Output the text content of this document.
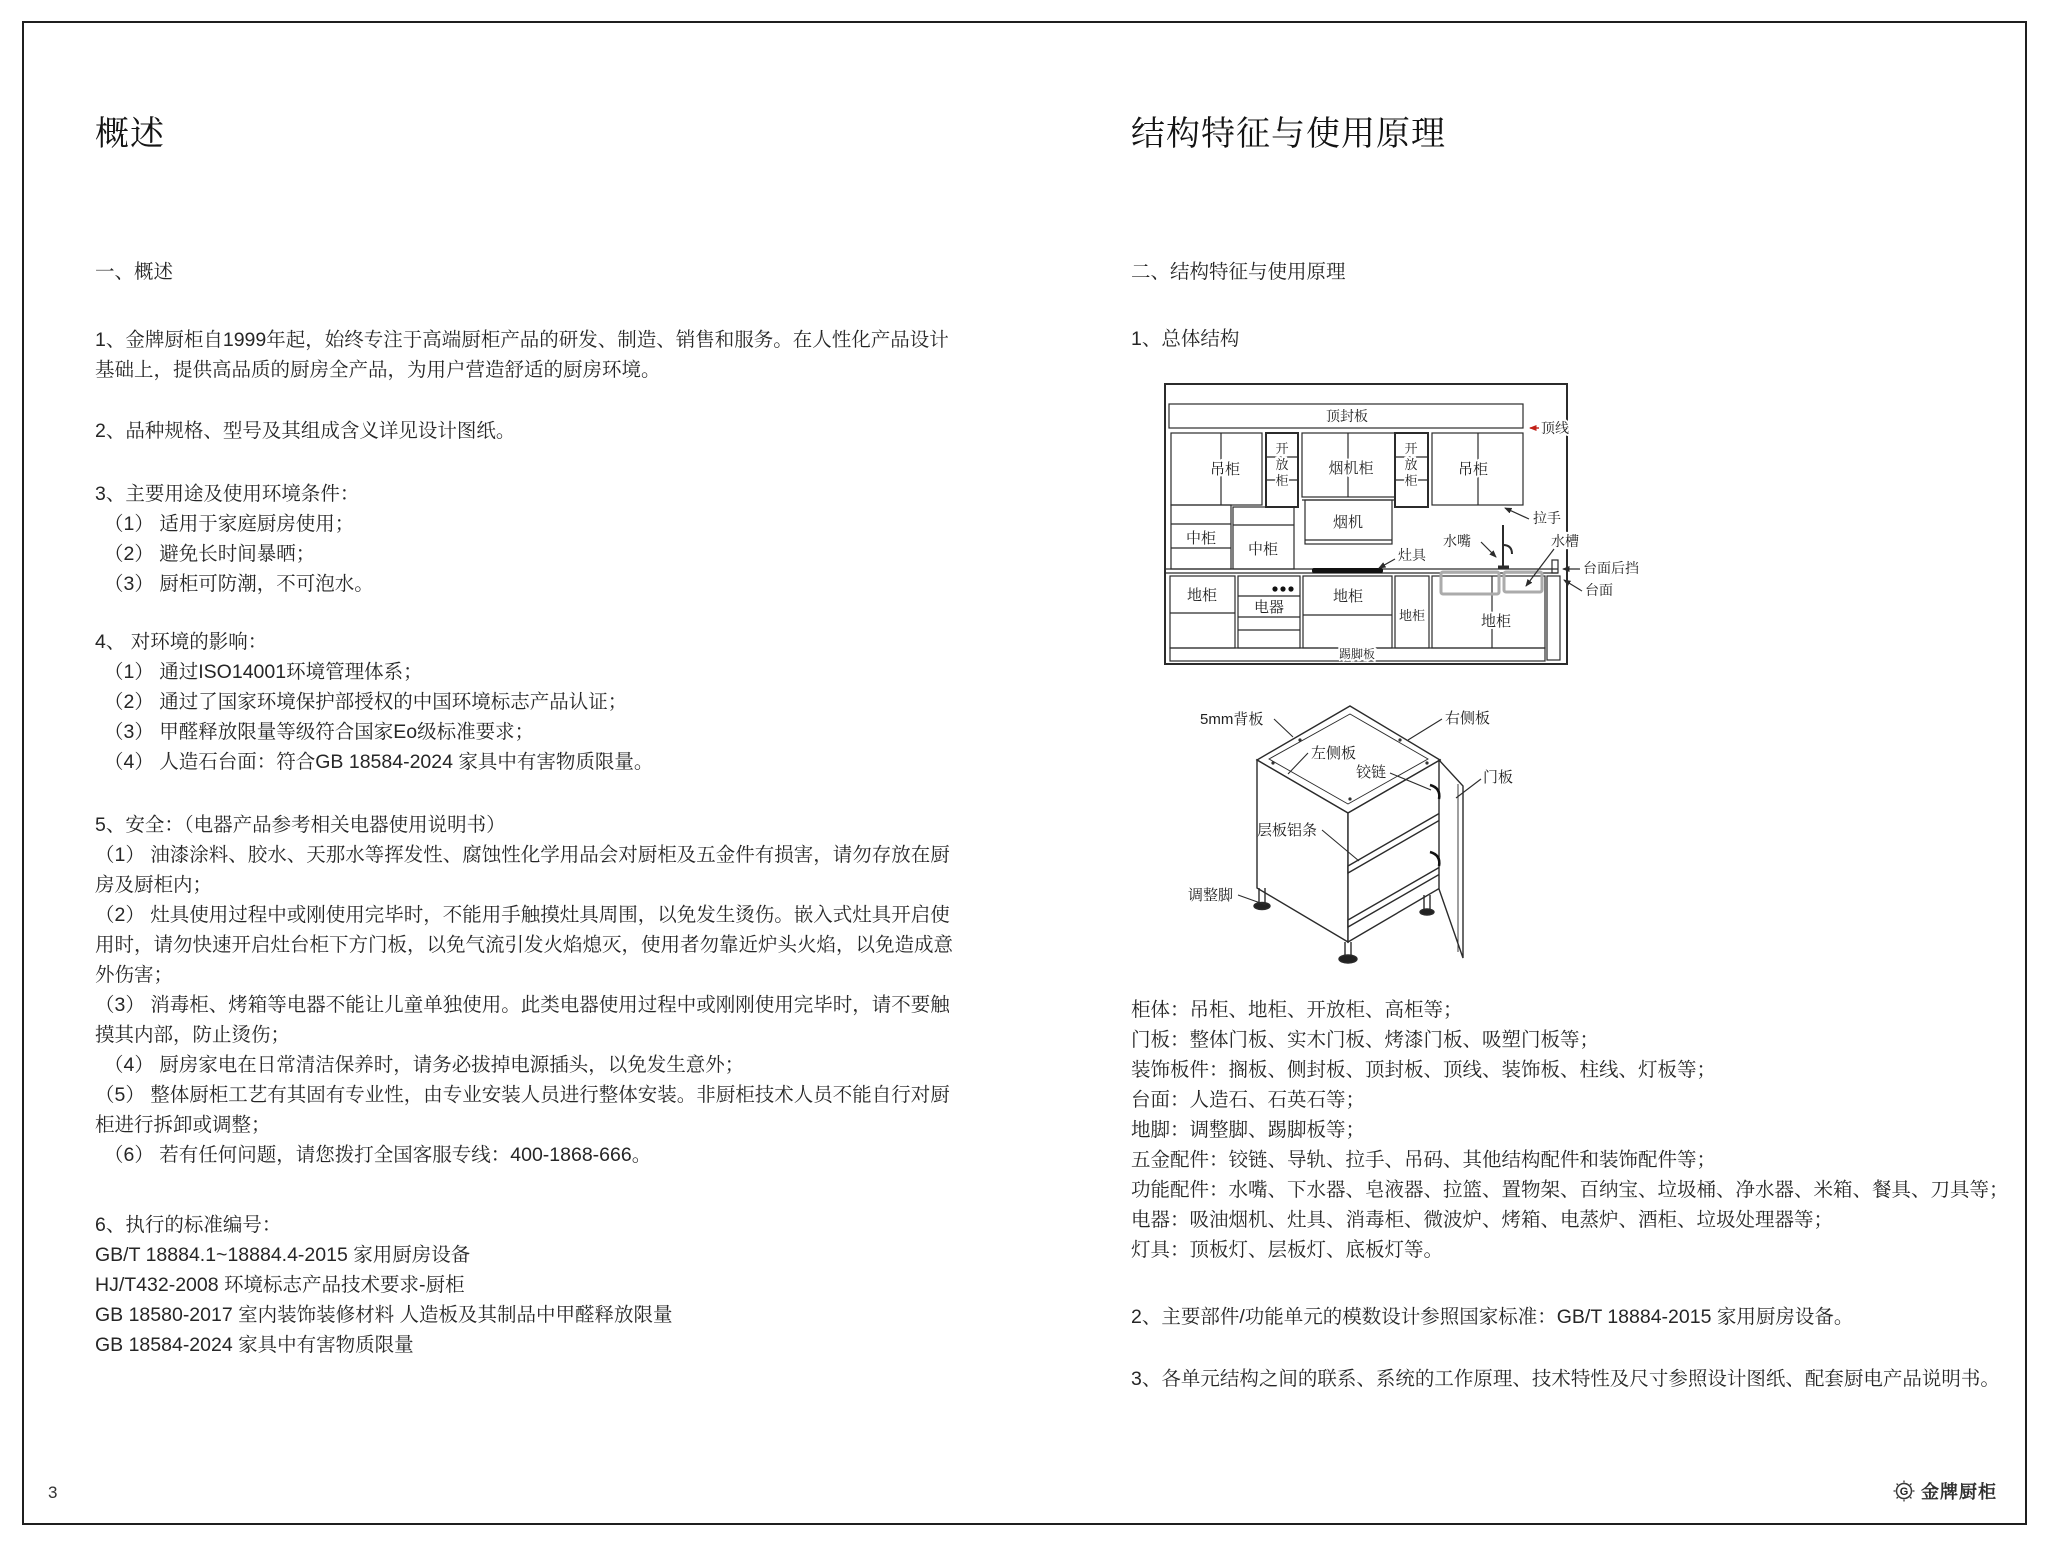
概述
一、概述
1、金牌厨柜自1999年起，始终专注于高端厨柜产品的研发、制造、销售和服务。在人性化产品设计基础上，提供高品质的厨房全产品，为用户营造舒适的厨房环境。
2、品种规格、型号及其组成含义详见设计图纸。
3、主要用途及使用环境条件：
（1） 适用于家庭厨房使用；
（2） 避免长时间暴晒；
（3） 厨柜可防潮，不可泡水。
4、 对环境的影响：
（1） 通过ISO14001环境管理体系；
（2） 通过了国家环境保护部授权的中国环境标志产品认证；
（3） 甲醛释放限量等级符合国家Eo级标准要求；
（4） 人造石台面：符合GB 18584-2024 家具中有害物质限量。
5、安全：（电器产品参考相关电器使用说明书）
（1） 油漆涂料、胶水、天那水等挥发性、腐蚀性化学用品会对厨柜及五金件有损害，请勿存放在厨房及厨柜内；
（2） 灶具使用过程中或刚使用完毕时，不能用手触摸灶具周围，以免发生烫伤。嵌入式灶具开启使用时，请勿快速开启灶台柜下方门板，以免气流引发火焰熄灭，使用者勿靠近炉头火焰，以免造成意外伤害；
（3） 消毒柜、烤箱等电器不能让儿童单独使用。此类电器使用过程中或刚刚使用完毕时，请不要触摸其内部，防止烫伤；
（4） 厨房家电在日常清洁保养时，请务必拔掉电源插头，以免发生意外；
（5） 整体厨柜工艺有其固有专业性，由专业安装人员进行整体安装。非厨柜技术人员不能自行对厨柜进行拆卸或调整；
（6） 若有任何问题，请您拨打全国客服专线：400-1868-666。
6、执行的标准编号：
GB/T 18884.1~18884.4-2015 家用厨房设备
HJ/T432-2008 环境标志产品技术要求-厨柜
GB 18580-2017 室内装饰装修材料 人造板及其制品中甲醛释放限量
GB 18584-2024 家具中有害物质限量
结构特征与使用原理
二、结构特征与使用原理
1、总体结构
顶封板
顶线
吊柜
开
放
柜
烟机柜
开
放
柜
吊柜
烟机
中柜
中柜
拉手
灶具
水嘴	水槽
台面后挡
台面
地柜
电器
地柜
地柜	地柜
踢脚板
5mm背板	右侧板
左侧板
铰链	门板
层板铝条
调整脚
柜体：吊柜、地柜、开放柜、高柜等；
门板：整体门板、实木门板、烤漆门板、吸塑门板等；
装饰板件：搁板、侧封板、顶封板、顶线、装饰板、柱线、灯板等；
台面：人造石、石英石等；
地脚：调整脚、踢脚板等；
五金配件：铰链、导轨、拉手、吊码、其他结构配件和装饰配件等；
功能配件：水嘴、下水器、皂液器、拉篮、置物架、百纳宝、垃圾桶、净水器、米箱、餐具、刀具等；
电器：吸油烟机、灶具、消毒柜、微波炉、烤箱、电蒸炉、酒柜、垃圾处理器等；
灯具：顶板灯、层板灯、底板灯等。
2、主要部件/功能单元的模数设计参照国家标准：GB/T 18884-2015 家用厨房设备。
3、各单元结构之间的联系、系统的工作原理、技术特性及尺寸参照设计图纸、配套厨电产品说明书。
3	G 金牌厨柜
